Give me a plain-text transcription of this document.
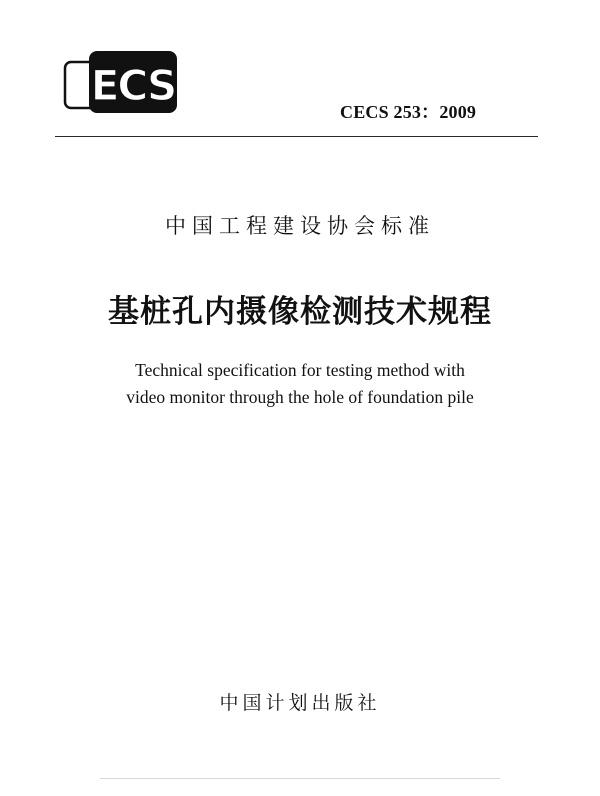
ECS
CECS 253：2009
中国工程建设协会标准
基桩孔内摄像检测技术规程
Technical specification for testing method with
video monitor through the hole of foundation pile
中国计划出版社
